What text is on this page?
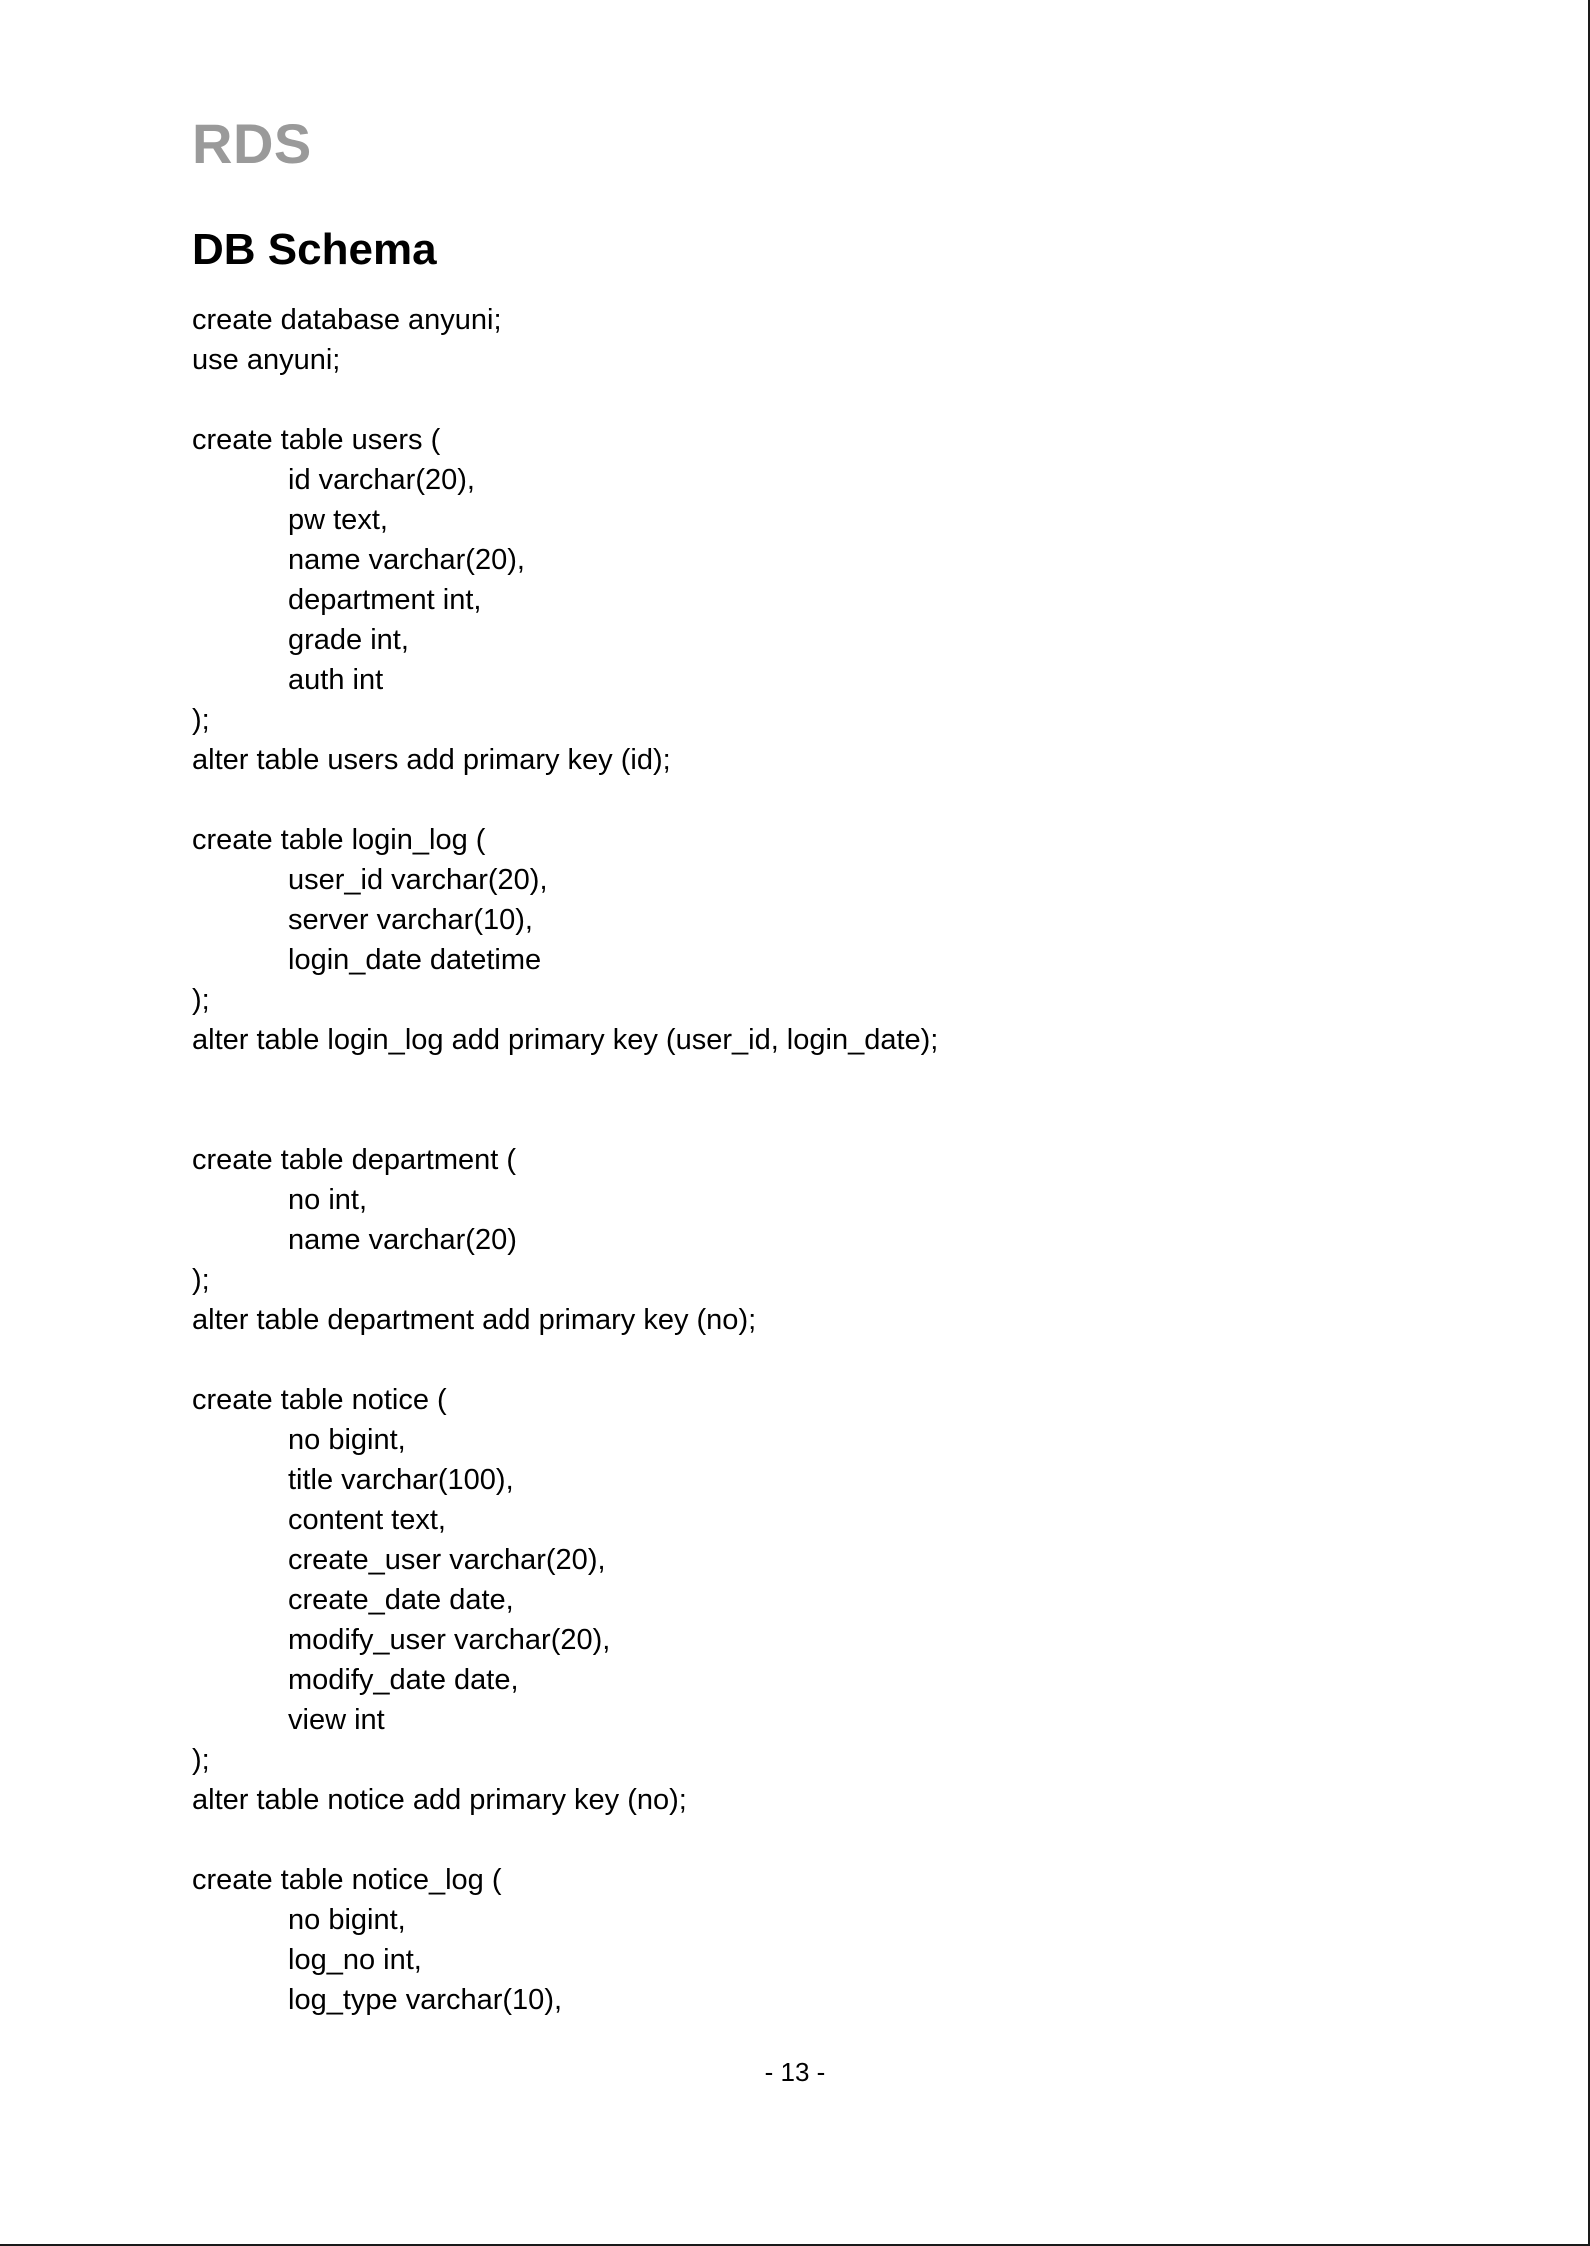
RDS
DB Schema
create database anyuni;
use anyuni;
create table users (
id varchar(20),
pw text,
name varchar(20),
department int,
grade int,
auth int
);
alter table users add primary key (id);
create table login_log (
user_id varchar(20),
server varchar(10),
login_date datetime
);
alter table login_log add primary key (user_id, login_date);
create table department (
no int,
name varchar(20)
);
alter table department add primary key (no);
create table notice (
no bigint,
title varchar(100),
content text,
create_user varchar(20),
create_date date,
modify_user varchar(20),
modify_date date,
view int
);
alter table notice add primary key (no);
create table notice_log (
no bigint,
log_no int,
log_type varchar(10),
- 13 -
